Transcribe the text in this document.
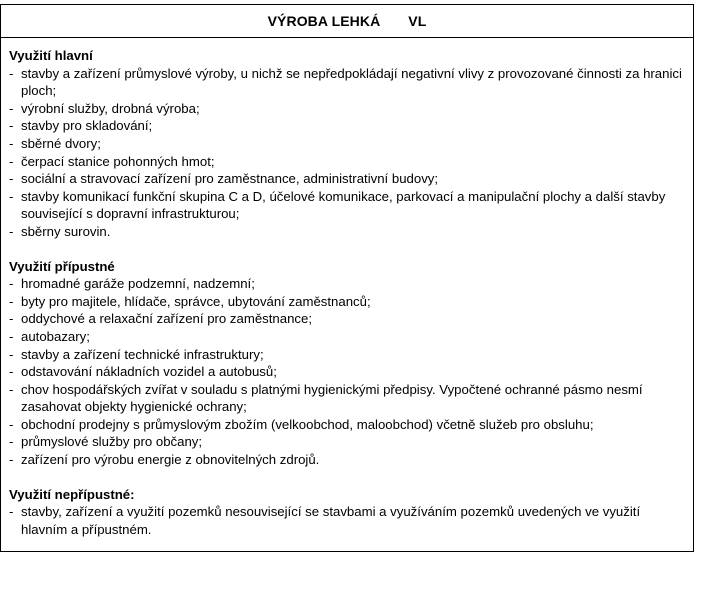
VÝROBA LEHKÁ VL
Využití hlavní
- stavby a zařízení průmyslové výroby, u nichž se nepředpokládají negativní vlivy z provozované činnosti za hranici ploch;
- výrobní služby, drobná výroba;
- stavby pro skladování;
- sběrné dvory;
- čerpací stanice pohonných hmot;
- sociální a stravovací zařízení pro zaměstnance, administrativní budovy;
- stavby komunikací funkční skupina C a D, účelové komunikace, parkovací a manipulační plochy a další stavby související s dopravní infrastrukturou;
- sběrny surovin.
Využití přípustné
- hromadné garáže podzemní, nadzemní;
- byty pro majitele, hlídače, správce, ubytování zaměstnanců;
- oddychové a relaxační zařízení pro zaměstnance;
- autobazary;
- stavby a zařízení technické infrastruktury;
- odstavování nákladních vozidel a autobusů;
- chov hospodářských zvířat v souladu s platnými hygienickými předpisy. Vypočtené ochranné pásmo nesmí zasahovat objekty hygienické ochrany;
- obchodní prodejny s průmyslovým zbožím (velkoobchod, maloobchod) včetně služeb pro obsluhu;
- průmyslové služby pro občany;
- zařízení pro výrobu energie z obnovitelných zdrojů.
Využití nepřípustné:
- stavby, zařízení a využití pozemků nesouvisející se stavbami a využíváním pozemků uvedených ve využití hlavním a přípustném.
